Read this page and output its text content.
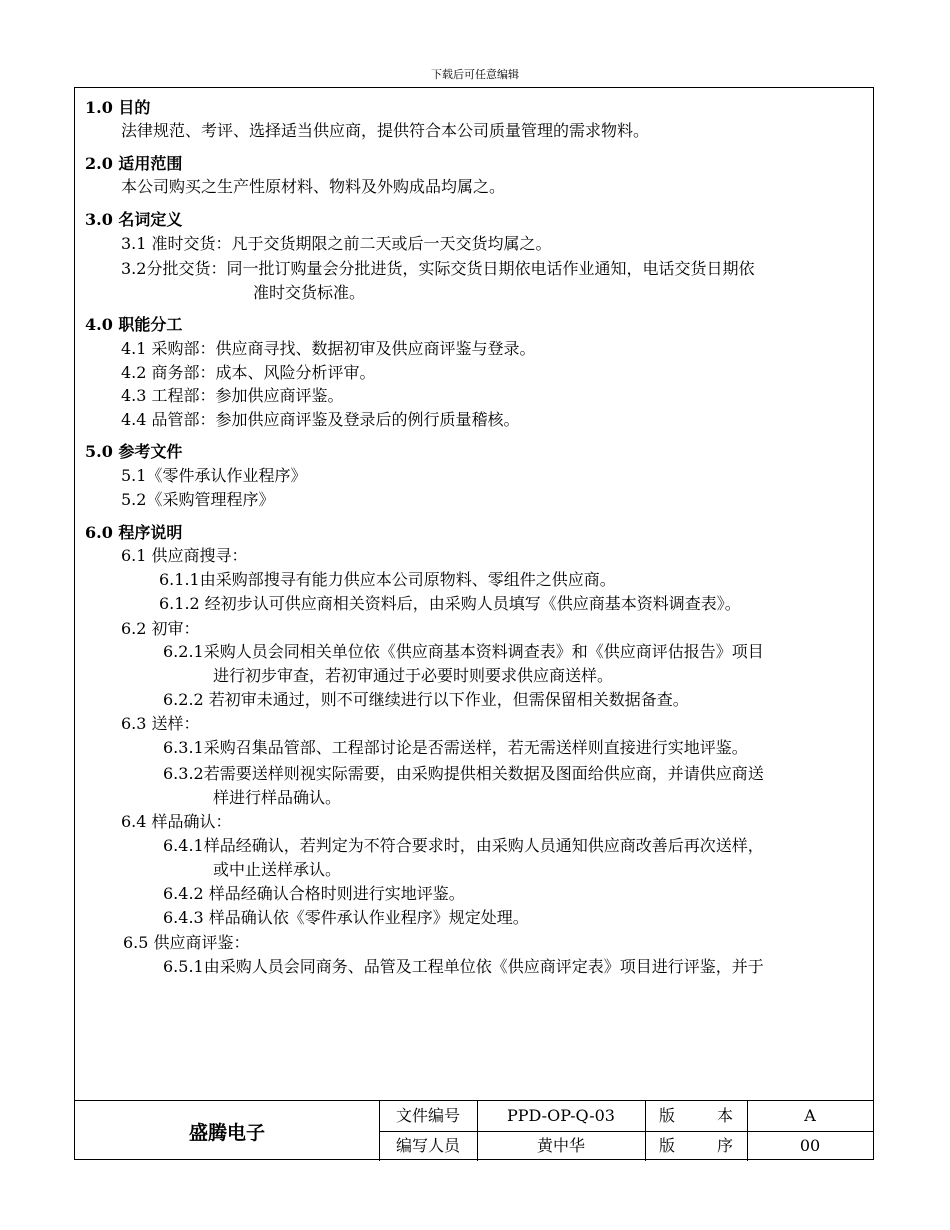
下载后可任意编辑
1.0 目的
法律规范、考评、选择适当供应商，提供符合本公司质量管理的需求物料。
2.0 适用范围
本公司购买之生产性原材料、物料及外购成品均属之。
3.0 名词定义
3.1 准时交货：凡于交货期限之前二天或后一天交货均属之。
3.2分批交货：同一批订购量会分批进货，实际交货日期依电话作业通知，电话交货日期依
准时交货标准。
4.0 职能分工
4.1 采购部：供应商寻找、数据初审及供应商评鉴与登录。
4.2 商务部：成本、风险分析评审。
4.3 工程部：参加供应商评鉴。
4.4 品管部：参加供应商评鉴及登录后的例行质量稽核。
5.0 参考文件
5.1《零件承认作业程序》
5.2《采购管理程序》
6.0 程序说明
6.1 供应商搜寻：
6.1.1由采购部搜寻有能力供应本公司原物料、零组件之供应商。
6.1.2 经初步认可供应商相关资料后，由采购人员填写《供应商基本资料调查表》。
6.2 初审：
6.2.1采购人员会同相关单位依《供应商基本资料调查表》和《供应商评估报告》项目
进行初步审查，若初审通过于必要时则要求供应商送样。
6.2.2 若初审未通过，则不可继续进行以下作业，但需保留相关数据备查。
6.3 送样：
6.3.1采购召集品管部、工程部讨论是否需送样，若无需送样则直接进行实地评鉴。
6.3.2若需要送样则视实际需要，由采购提供相关数据及图面给供应商，并请供应商送
样进行样品确认。
6.4 样品确认：
6.4.1样品经确认，若判定为不符合要求时，由采购人员通知供应商改善后再次送样，
或中止送样承认。
6.4.2 样品经确认合格时则进行实地评鉴。
6.4.3 样品确认依《零件承认作业程序》规定处理。
6.5 供应商评鉴：
6.5.1由采购人员会同商务、品管及工程单位依《供应商评定表》项目进行评鉴，并于
盛腾电子
文件编号	PPD-OP-Q-03	版	本	A
编写人员	黄中华	版	序	00
